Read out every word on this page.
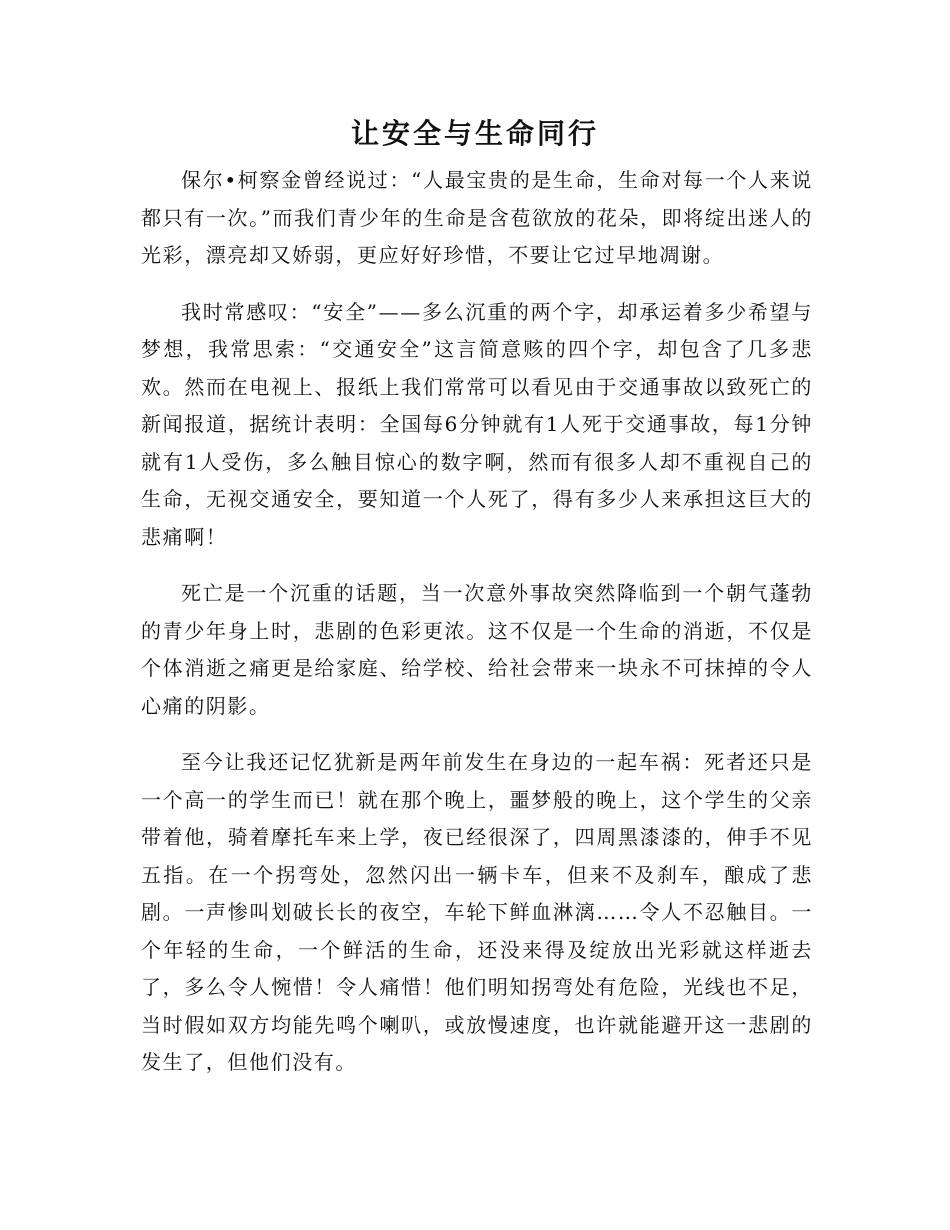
让安全与生命同行

保尔•柯察金曾经说过：“人最宝贵的是生命，生命对每一个人来说都只有一次。”而我们青少年的生命是含苞欲放的花朵，即将绽出迷人的光彩，漂亮却又娇弱，更应好好珍惜，不要让它过早地凋谢。

我时常感叹：“安全”——多么沉重的两个字，却承运着多少希望与梦想，我常思索：“交通安全”这言简意赅的四个字，却包含了几多悲欢。然而在电视上、报纸上我们常常可以看见由于交通事故以致死亡的新闻报道，据统计表明：全国每6分钟就有1人死于交通事故，每1分钟就有1人受伤，多么触目惊心的数字啊，然而有很多人却不重视自己的生命，无视交通安全，要知道一个人死了，得有多少人来承担这巨大的悲痛啊！

死亡是一个沉重的话题，当一次意外事故突然降临到一个朝气蓬勃的青少年身上时，悲剧的色彩更浓。这不仅是一个生命的消逝，不仅是个体消逝之痛更是给家庭、给学校、给社会带来一块永不可抹掉的令人心痛的阴影。

至今让我还记忆犹新是两年前发生在身边的一起车祸：死者还只是一个高一的学生而已！就在那个晚上，噩梦般的晚上，这个学生的父亲带着他，骑着摩托车来上学，夜已经很深了，四周黑漆漆的，伸手不见五指。在一个拐弯处，忽然闪出一辆卡车，但来不及刹车，酿成了悲剧。一声惨叫划破长长的夜空，车轮下鲜血淋漓……令人不忍触目。一个年轻的生命，一个鲜活的生命，还没来得及绽放出光彩就这样逝去了，多么令人惋惜！令人痛惜！他们明知拐弯处有危险，光线也不足，当时假如双方均能先鸣个喇叭，或放慢速度，也许就能避开这一悲剧的发生了，但他们没有。
